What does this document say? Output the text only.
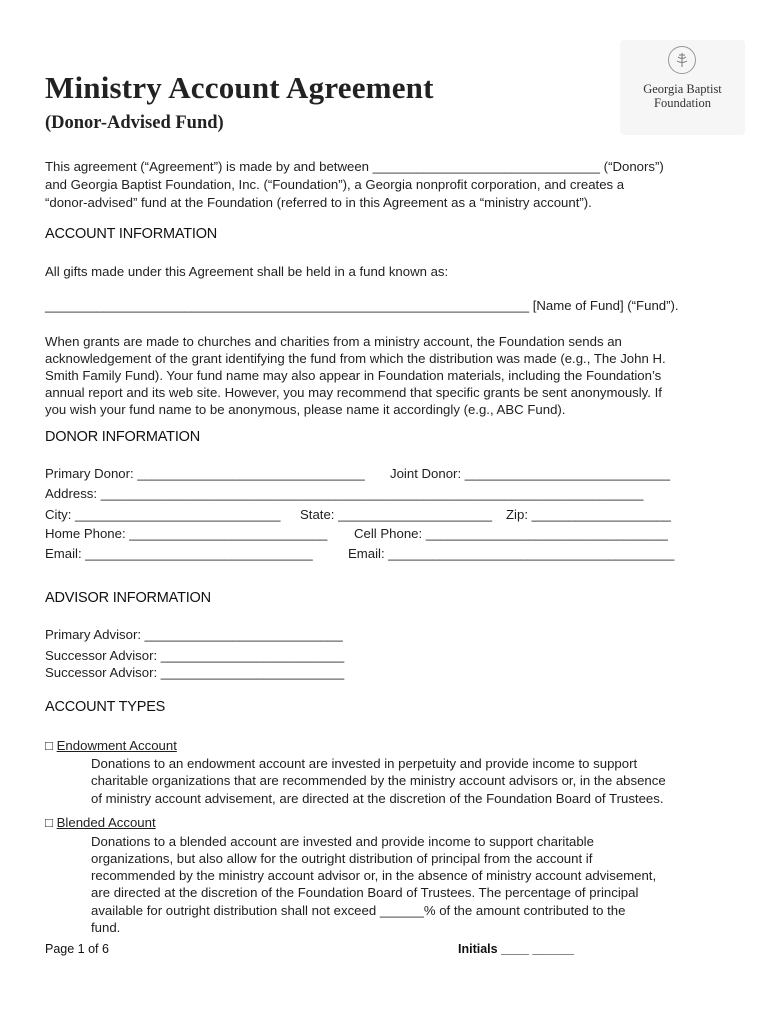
Ministry Account Agreement
(Donor-Advised Fund)
Georgia Baptist
Foundation
This agreement (“Agreement”) is made by and between _______________________________ (“Donors”)
and Georgia Baptist Foundation, Inc. (“Foundation”), a Georgia nonprofit corporation, and creates a
“donor-advised” fund at the Foundation (referred to in this Agreement as a “ministry account”).
ACCOUNT INFORMATION
All gifts made under this Agreement shall be held in a fund known as:
__________________________________________________________________ [Name of Fund] (“Fund”).
When grants are made to churches and charities from a ministry account, the Foundation sends an
acknowledgement of the grant identifying the fund from which the distribution was made (e.g., The John H.
Smith Family Fund). Your fund name may also appear in Foundation materials, including the Foundation’s
annual report and its web site. However, you may recommend that specific grants be sent anonymously. If
you wish your fund name to be anonymous, please name it accordingly (e.g., ABC Fund).
DONOR INFORMATION
Primary Donor: _______________________________ Joint Donor: ____________________________
Address: __________________________________________________________________________
City: ____________________________ State: _____________________ Zip: ___________________
Home Phone: ___________________________ Cell Phone: _________________________________
Email: _______________________________	Email: _______________________________________
ADVISOR INFORMATION
Primary Advisor: ___________________________
Successor Advisor: _________________________
Successor Advisor: _________________________
ACCOUNT TYPES
□ Endowment Account
Donations to an endowment account are invested in perpetuity and provide income to support
charitable organizations that are recommended by the ministry account advisors or, in the absence
of ministry account advisement, are directed at the discretion of the Foundation Board of Trustees.
□ Blended Account
Donations to a blended account are invested and provide income to support charitable
organizations, but also allow for the outright distribution of principal from the account if
recommended by the ministry account advisor or, in the absence of ministry account advisement,
are directed at the discretion of the Foundation Board of Trustees. The percentage of principal
available for outright distribution shall not exceed ______% of the amount contributed to the
fund.
Page 1 of 6	Initials ____ ______
